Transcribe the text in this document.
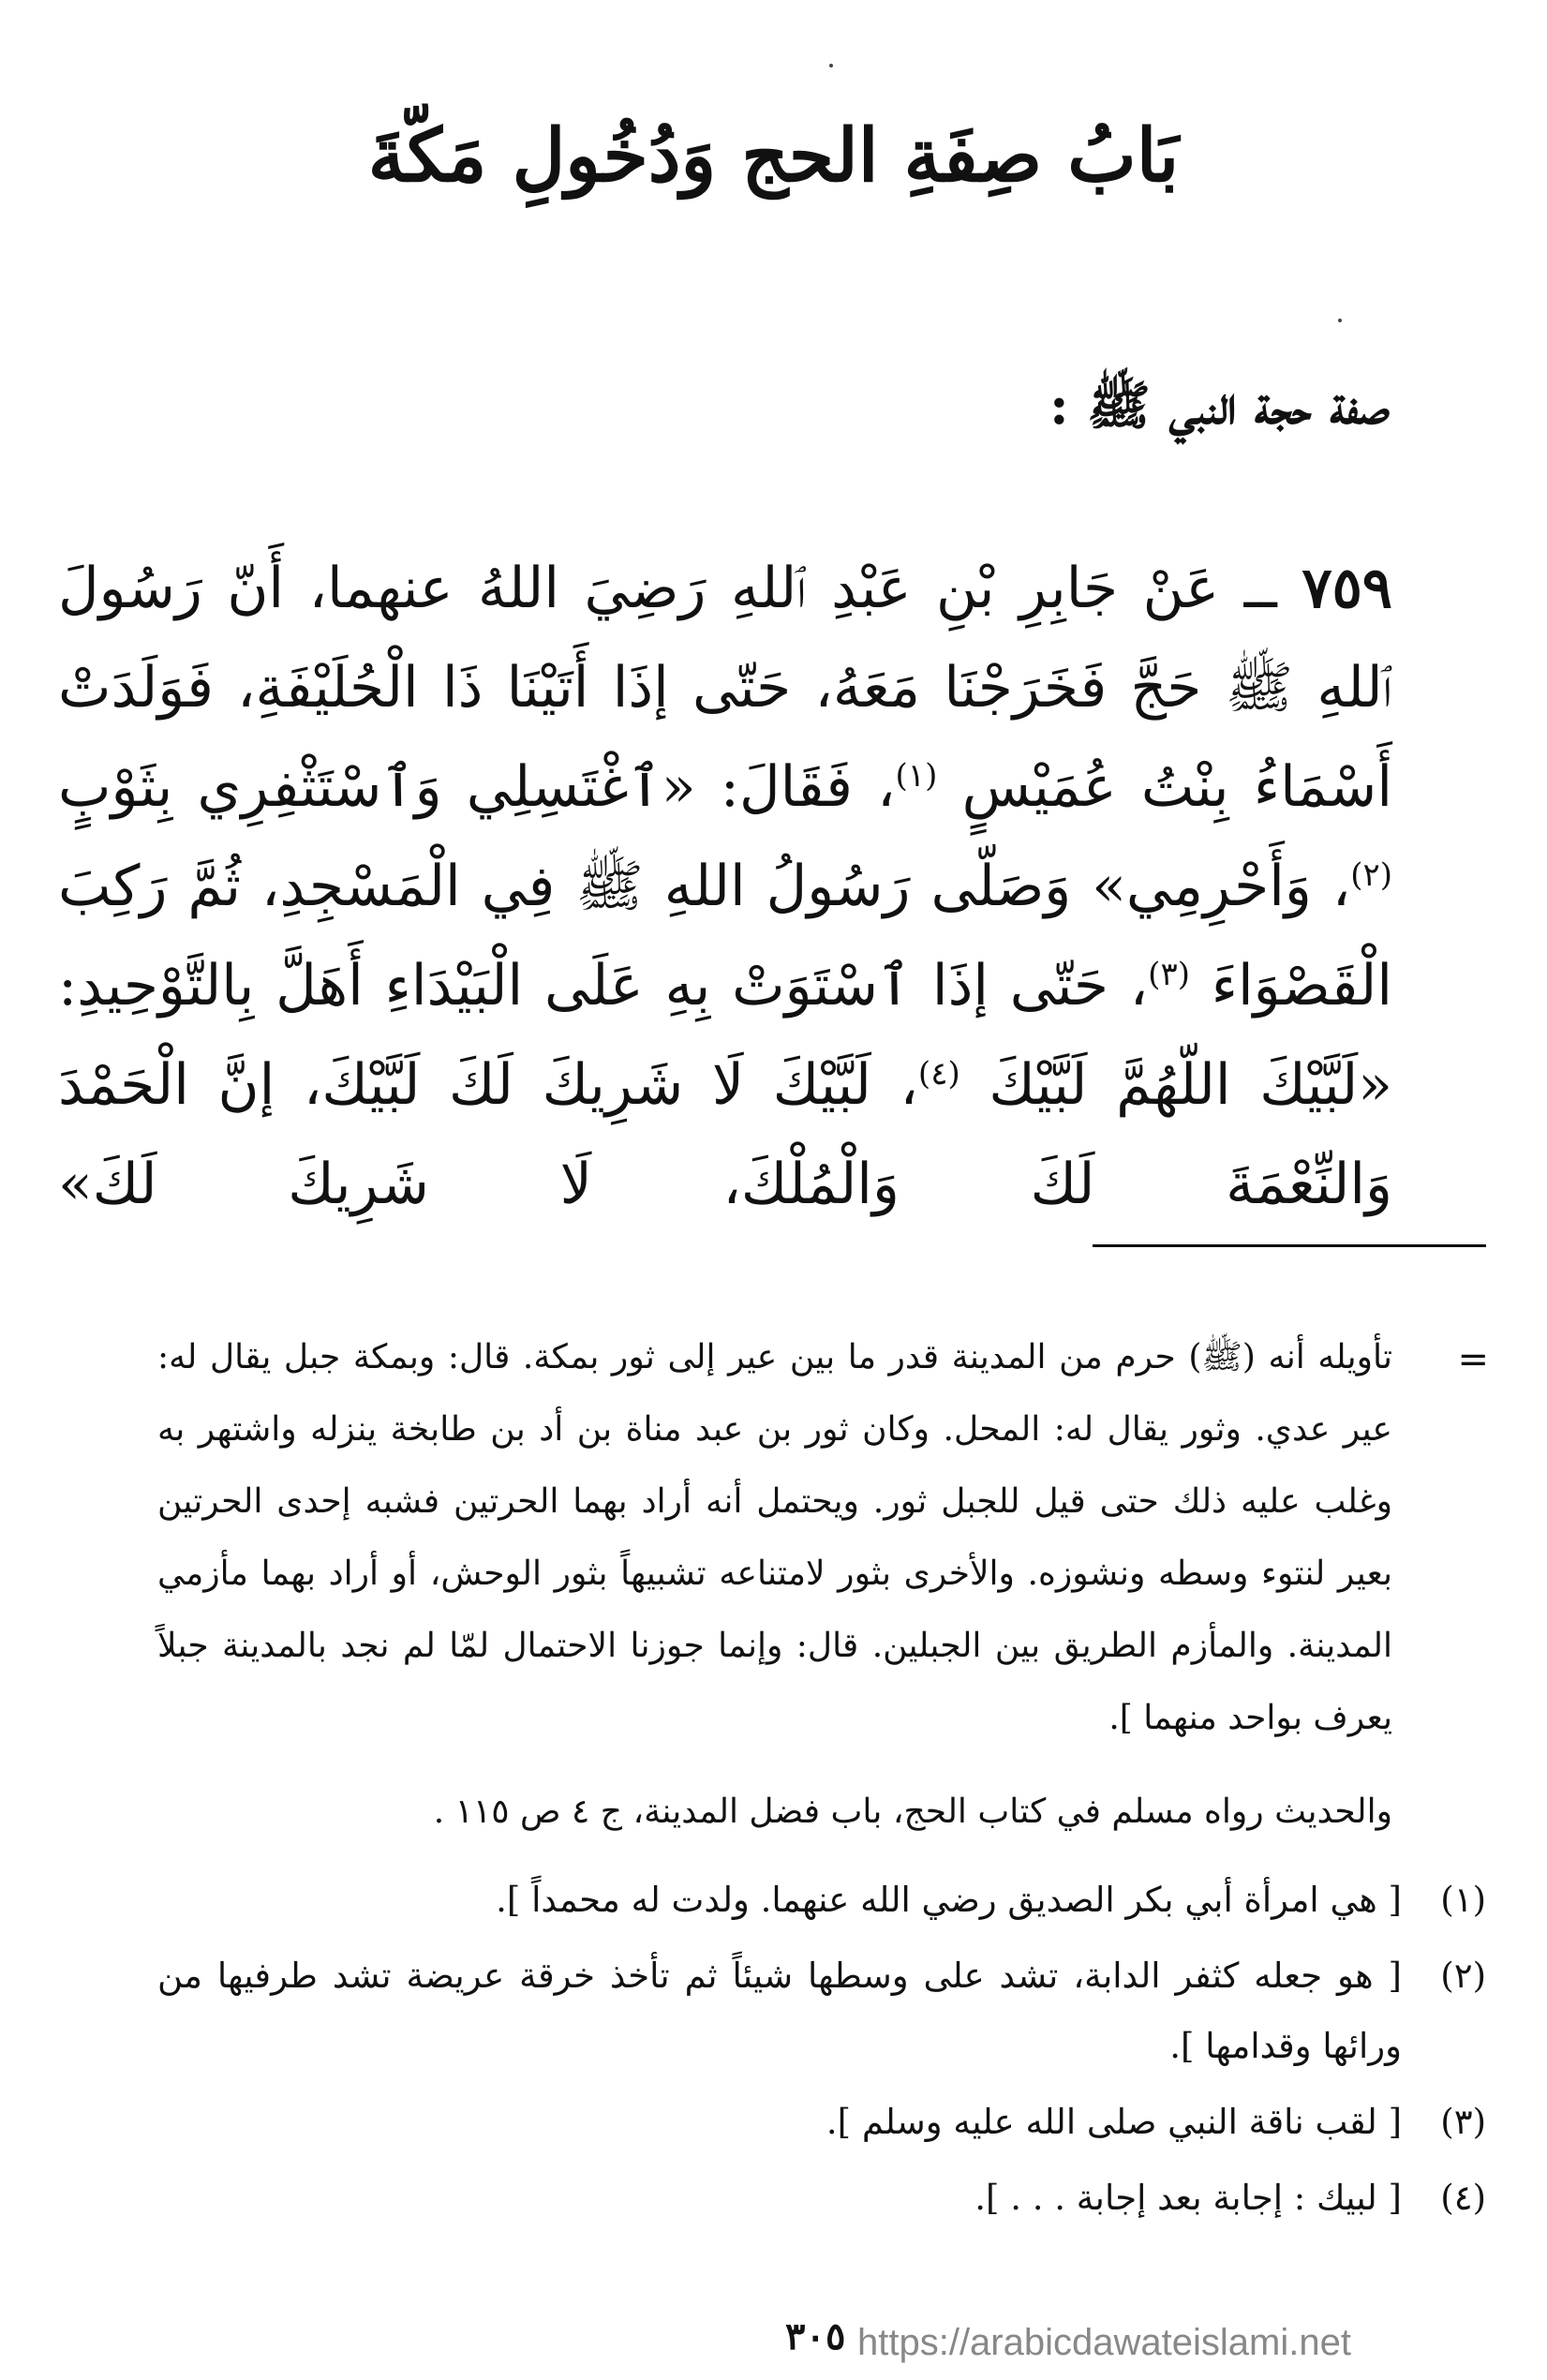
بَابُ صِفَةِ الحج وَدُخُولِ مَكّةَ
صفة حجة النبي ﷺ :

٧٥٩ ــ عَنْ جَابِرِ بْنِ عَبْدِ ٱللهِ رَضِيَ اللهُ عنهما، أَنّ رَسُولَ ٱللهِ ﷺ حَجَّ فَخَرَجْنَا مَعَهُ، حَتّى إذَا أَتَيْنَا ذَا الْحُلَيْفَةِ، فَوَلَدَتْ أَسْمَاءُ بِنْتُ عُمَيْسٍ $^{(١)}$، فَقَالَ: «ٱغْتَسِلِي وَٱسْتَثْفِرِي بِثَوْبٍ $^{(٢)}$، وَأَحْرِمِي» وَصَلّى رَسُولُ اللهِ ﷺ فِي الْمَسْجِدِ، ثُمَّ رَكِبَ الْقَصْوَاءَ $^{(٣)}$، حَتّى إذَا ٱسْتَوَتْ بِهِ عَلَى الْبَيْدَاءِ أَهَلَّ بِالتَّوْحِيدِ: «لَبَّيْكَ اللّهُمَّ لَبَّيْكَ $^{(٤)}$، لَبَّيْكَ لَا شَرِيكَ لَكَ لَبَّيْكَ، إنَّ الْحَمْدَ وَالنِّعْمَةَ لَكَ وَالْمُلْكَ، لَا شَرِيكَ لَكَ»

=

تأويله أنه (ﷺ) حرم من المدينة قدر ما بين عير إلى ثور بمكة. قال: وبمكة جبل يقال له: عير عدي. وثور يقال له: المحل. وكان ثور بن عبد مناة بن أد بن طابخة ينزله واشتهر به وغلب عليه ذلك حتى قيل للجبل ثور. ويحتمل أنه أراد بهما الحرتين فشبه إحدى الحرتين بعير لنتوء وسطه ونشوزه. والأخرى بثور لامتناعه تشبيهاً بثور الوحش، أو أراد بهما مأزمي المدينة. والمأزم الطريق بين الجبلين. قال: وإنما جوزنا الاحتمال لمّا لم نجد بالمدينة جبلاً يعرف بواحد منهما ].

والحديث رواه مسلم في كتاب الحج، باب فضل المدينة، ج ٤ ص ١١٥ .

(١)
[ هي امرأة أبي بكر الصديق رضي الله عنهما. ولدت له محمداً ].
(٢)
[ هو جعله كثفر الدابة، تشد على وسطها شيئاً ثم تأخذ خرقة عريضة تشد طرفيها من ورائها وقدامها ].
(٣)
[ لقب ناقة النبي صلى الله عليه وسلم ].
(٤)
[ لبيك : إجابة بعد إجابة . . . ].
٣٠٥ https://arabicdawateislami.net
